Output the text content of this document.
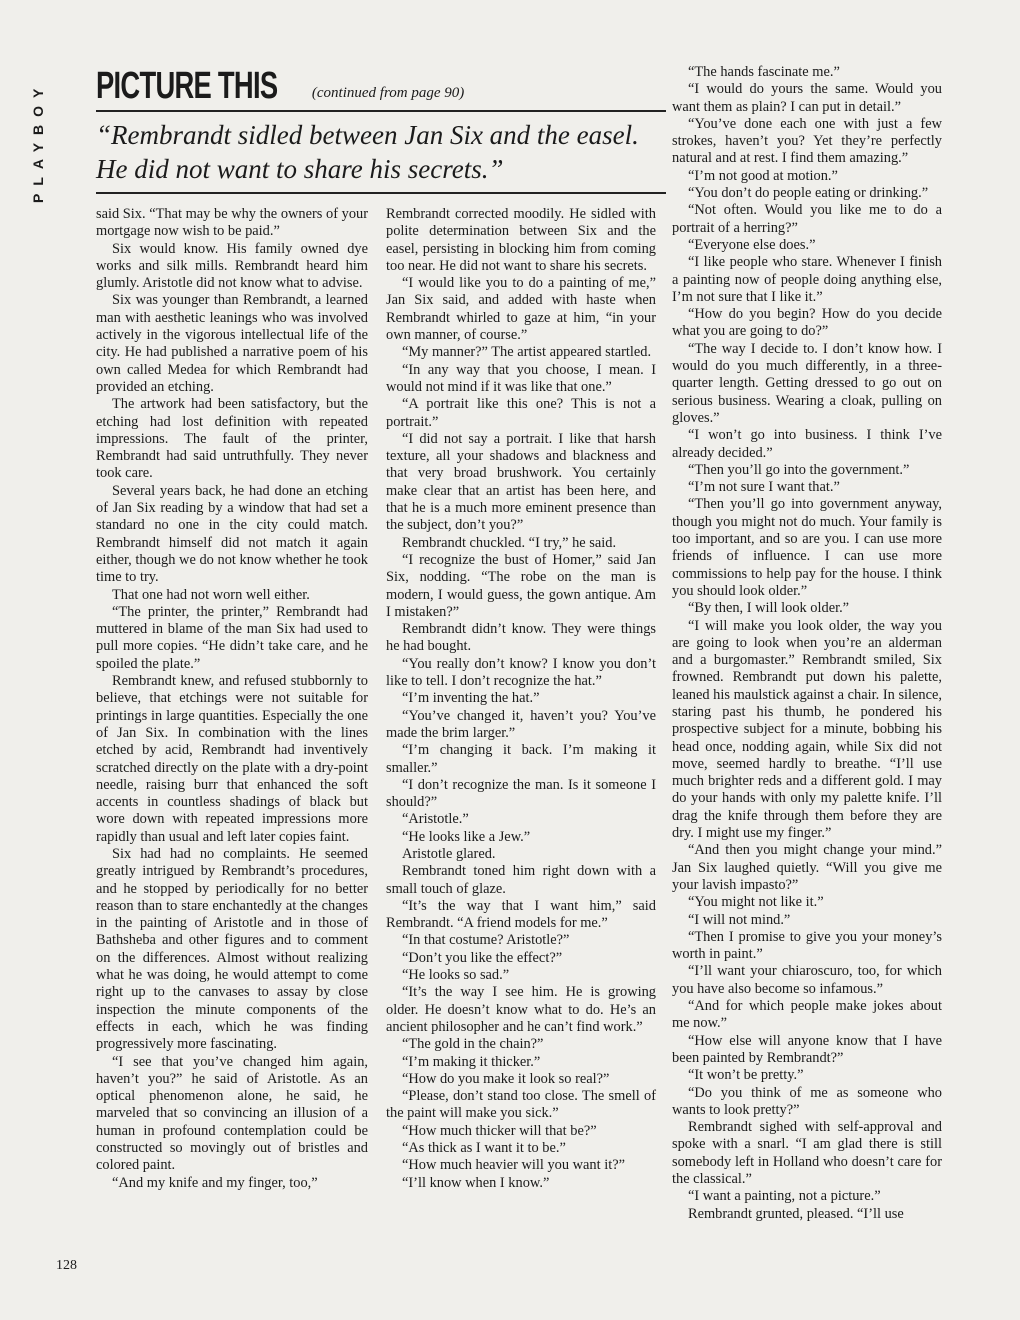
PLAYBOY	PICTURE THIS (continued from page 90)
“Rembrandt sidled between Jan Six and the easel. He did not want to share his secrets.”

said Six. “That may be why the owners of your mortgage now wish to be paid.”

Six would know. His family owned dye works and silk mills. Rembrandt heard him glumly. Aristotle did not know what to advise.

Six was younger than Rembrandt, a learned man with aesthetic leanings who was involved actively in the vigorous intellectual life of the city. He had published a narrative poem of his own called Medea for which Rembrandt had provided an etching.

The artwork had been satisfactory, but the etching had lost definition with repeated impressions. The fault of the printer, Rembrandt had said untruthfully. They never took care.

Several years back, he had done an etching of Jan Six reading by a window that had set a standard no one in the city could match. Rembrandt himself did not match it again either, though we do not know whether he took time to try.

That one had not worn well either.

“The printer, the printer,” Rembrandt had muttered in blame of the man Six had used to pull more copies. “He didn’t take care, and he spoiled the plate.”

Rembrandt knew, and refused stubbornly to believe, that etchings were not suitable for printings in large quantities. Especially the one of Jan Six. In combination with the lines etched by acid, Rembrandt had inventively scratched directly on the plate with a dry-point needle, raising burr that enhanced the soft accents in countless shadings of black but wore down with repeated impressions more rapidly than usual and left later copies faint.

Six had had no complaints. He seemed greatly intrigued by Rembrandt’s procedures, and he stopped by periodically for no better reason than to stare enchantedly at the changes in the painting of Aristotle and in those of Bathsheba and other figures and to comment on the differences. Almost without realizing what he was doing, he would attempt to come right up to the canvases to assay by close inspection the minute components of the effects in each, which he was finding progressively more fascinating.

“I see that you’ve changed him again, haven’t you?” he said of Aristotle. As an optical phenomenon alone, he said, he marveled that so convincing an illusion of a human in profound contemplation could be constructed so movingly out of bristles and colored paint.

“And my knife and my finger, too,”

Rembrandt corrected moodily. He sidled with polite determination between Six and the easel, persisting in blocking him from coming too near. He did not want to share his secrets.

“I would like you to do a painting of me,” Jan Six said, and added with haste when Rembrandt whirled to gaze at him, “in your own manner, of course.”

“My manner?” The artist appeared startled.

“In any way that you choose, I mean. I would not mind if it was like that one.”

“A portrait like this one? This is not a portrait.”

“I did not say a portrait. I like that harsh texture, all your shadows and blackness and that very broad brushwork. You certainly make clear that an artist has been here, and that he is a much more eminent presence than the subject, don’t you?”

Rembrandt chuckled. “I try,” he said.

“I recognize the bust of Homer,” said Jan Six, nodding. “The robe on the man is modern, I would guess, the gown antique. Am I mistaken?”

Rembrandt didn’t know. They were things he had bought.

“You really don’t know? I know you don’t like to tell. I don’t recognize the hat.”

“I’m inventing the hat.”

“You’ve changed it, haven’t you? You’ve made the brim larger.”

“I’m changing it back. I’m making it smaller.”

“I don’t recognize the man. Is it someone I should?”

“Aristotle.”

“He looks like a Jew.”

Aristotle glared.

Rembrandt toned him right down with a small touch of glaze.

“It’s the way that I want him,” said Rembrandt. “A friend models for me.”

“In that costume? Aristotle?”

“Don’t you like the effect?”

“He looks so sad.”

“It’s the way I see him. He is growing older. He doesn’t know what to do. He’s an ancient philosopher and he can’t find work.”

“The gold in the chain?”

“I’m making it thicker.”

“How do you make it look so real?”

“Please, don’t stand too close. The smell of the paint will make you sick.”

“How much thicker will that be?”

“As thick as I want it to be.”

“How much heavier will you want it?”

“I’ll know when I know.”

“The hands fascinate me.”

“I would do yours the same. Would you want them as plain? I can put in detail.”

“You’ve done each one with just a few strokes, haven’t you? Yet they’re perfectly natural and at rest. I find them amazing.”

“I’m not good at motion.”

“You don’t do people eating or drinking.”

“Not often. Would you like me to do a portrait of a herring?”

“Everyone else does.”

“I like people who stare. Whenever I finish a painting now of people doing anything else, I’m not sure that I like it.”

“How do you begin? How do you decide what you are going to do?”

“The way I decide to. I don’t know how. I would do you much differently, in a three-quarter length. Getting dressed to go out on serious business. Wearing a cloak, pulling on gloves.”

“I won’t go into business. I think I’ve already decided.”

“Then you’ll go into the government.”

“I’m not sure I want that.”

“Then you’ll go into government anyway, though you might not do much. Your family is too important, and so are you. I can use more friends of influence. I can use more commissions to help pay for the house. I think you should look older.”

“By then, I will look older.”

“I will make you look older, the way you are going to look when you’re an alderman and a burgomaster.” Rembrandt smiled, Six frowned. Rembrandt put down his palette, leaned his maulstick against a chair. In silence, staring past his thumb, he pondered his prospective subject for a minute, bobbing his head once, nodding again, while Six did not move, seemed hardly to breathe. “I’ll use much brighter reds and a different gold. I may do your hands with only my palette knife. I’ll drag the knife through them before they are dry. I might use my finger.”

“And then you might change your mind.” Jan Six laughed quietly. “Will you give me your lavish impasto?”

“You might not like it.”

“I will not mind.”

“Then I promise to give you your money’s worth in paint.”

“I’ll want your chiaroscuro, too, for which you have also become so infamous.”

“And for which people make jokes about me now.”

“How else will anyone know that I have been painted by Rembrandt?”

“It won’t be pretty.”

“Do you think of me as someone who wants to look pretty?”

Rembrandt sighed with self-approval and spoke with a snarl. “I am glad there is still somebody left in Holland who doesn’t care for the classical.”

“I want a painting, not a picture.”

Rembrandt grunted, pleased. “I’ll use

128
